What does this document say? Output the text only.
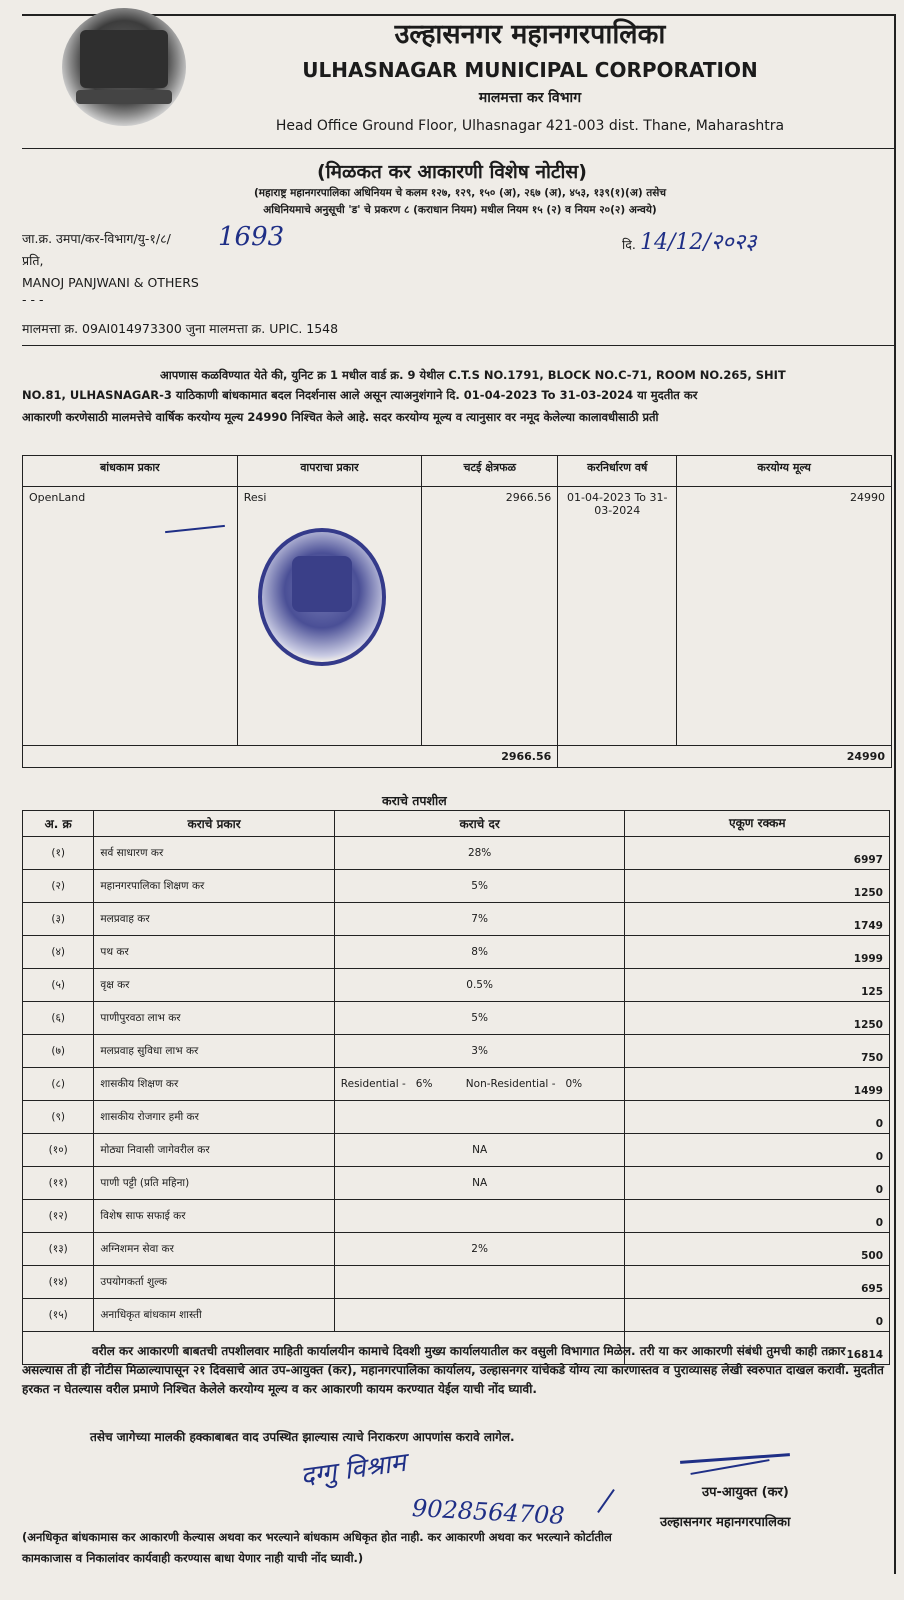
उल्हासनगर महानगरपालिका
ULHASNAGAR MUNICIPAL CORPORATION
मालमत्ता कर विभाग
Head Office Ground Floor, Ulhasnagar 421-003 dist. Thane, Maharashtra
(मिळकत कर आकारणी विशेष नोटीस)
(महाराष्ट्र महानगरपालिका अधिनियम चे कलम १२७, १२९, १५० (अ), २६७ (अ), ४५३, १३९(१)(अ) तसेच
अधिनियमाचे अनुसूची 'ड' चे प्रकरण ८ (कराधान नियम) मधील नियम १५ (२) व नियम २०(२) अन्वये)
जा.क्र. उमपा/कर-विभाग/यु-१/८/ 1693	दि. 14/12/२०२३
प्रति,
MANOJ PANJWANI & OTHERS
- - -
मालमत्ता क्र. 09AI014973300 जुना मालमत्ता क्र. UPIC. 1548
आपणास कळविण्यात येते की, युनिट क्र 1 मधील वार्ड क्र. 9 येथील C.T.S NO.1791, BLOCK NO.C-71, ROOM NO.265, SHIT
NO.81, ULHASNAGAR-3 याठिकाणी बांधकामात बदल निदर्शनास आले असून त्याअनुशंगाने दि. 01-04-2023 To 31-03-2024 या मुदतीत कर
आकारणी करणेसाठी मालमत्तेचे वार्षिक करयोग्य मूल्य 24990 निश्चित केले आहे. सदर करयोग्य मूल्य व त्यानुसार वर नमूद केलेल्या कालावधीसाठी प्रती
बांधकाम प्रकार	वापराचा प्रकार	चटई क्षेत्रफळ	करनिर्धारण वर्ष	करयोग्य मूल्य
OpenLand	Resi	2966.56	01-04-2023 To 31-03-2024	24990
		2966.56		24990
कराचे तपशील
अ. क्र	कराचे प्रकार	कराचे दर	एकूण रक्कम
(१)	सर्व साधारण कर	28%	6997
(२)	महानगरपालिका शिक्षण कर	5%	1250
(३)	मलप्रवाह कर	7%	1749
(४)	पथ कर	8%	1999
(५)	वृक्ष कर	0.5%	125
(६)	पाणीपुरवठा लाभ कर	5%	1250
(७)	मलप्रवाह सुविधा लाभ कर	3%	750
(८)	शासकीय शिक्षण कर	Residential -   6%          Non-Residential -   0%	1499
(९)	शासकीय रोजगार हमी कर		0
(१०)	मोठ्या निवासी जागेवरील कर	NA	0
(११)	पाणी पट्टी (प्रति महिना)	NA	0
(१२)	विशेष साफ सफाई कर		0
(१३)	अग्निशमन सेवा कर	2%	500
(१४)	उपयोगकर्ता शुल्क		695
(१५)	अनाधिकृत बांधकाम शास्ती		0
			16814

वरील कर आकारणी बाबतची तपशीलवार माहिती कार्यालयीन कामाचे दिवशी मुख्य कार्यालयातील कर वसुली विभागात मिळेल. तरी या कर आकारणी संबंधी तुमची काही तक्रार असल्यास ती ही नोटीस मिळाल्यापासून २१ दिवसाचे आत उप-आयुक्त (कर), महानगरपालिका कार्यालय, उल्हासनगर यांचेकडे योग्य त्या कारणास्तव व पुराव्यासह लेखी स्वरुपात दाखल करावी. मुदतीत हरकत न घेतल्यास वरील प्रमाणे निश्चित केलेले करयोग्य मूल्य व कर आकारणी कायम करण्यात येईल याची नोंद घ्यावी.

तसेच जागेच्या मालकी हक्काबाबत वाद उपस्थित झाल्यास त्याचे निराकरण आपणांस करावे लागेल.
दग्गु विश्राम
9028564708
उप-आयुक्त (कर)
उल्हासनगर महानगरपालिका
(अनधिकृत बांधकामास कर आकारणी केल्यास अथवा कर भरल्याने बांधकाम अधिकृत होत नाही. कर आकारणी अथवा कर भरल्याने कोर्टातील
कामकाजास व निकालांवर कार्यवाही करण्यास बाधा येणार नाही याची नोंद घ्यावी.)
